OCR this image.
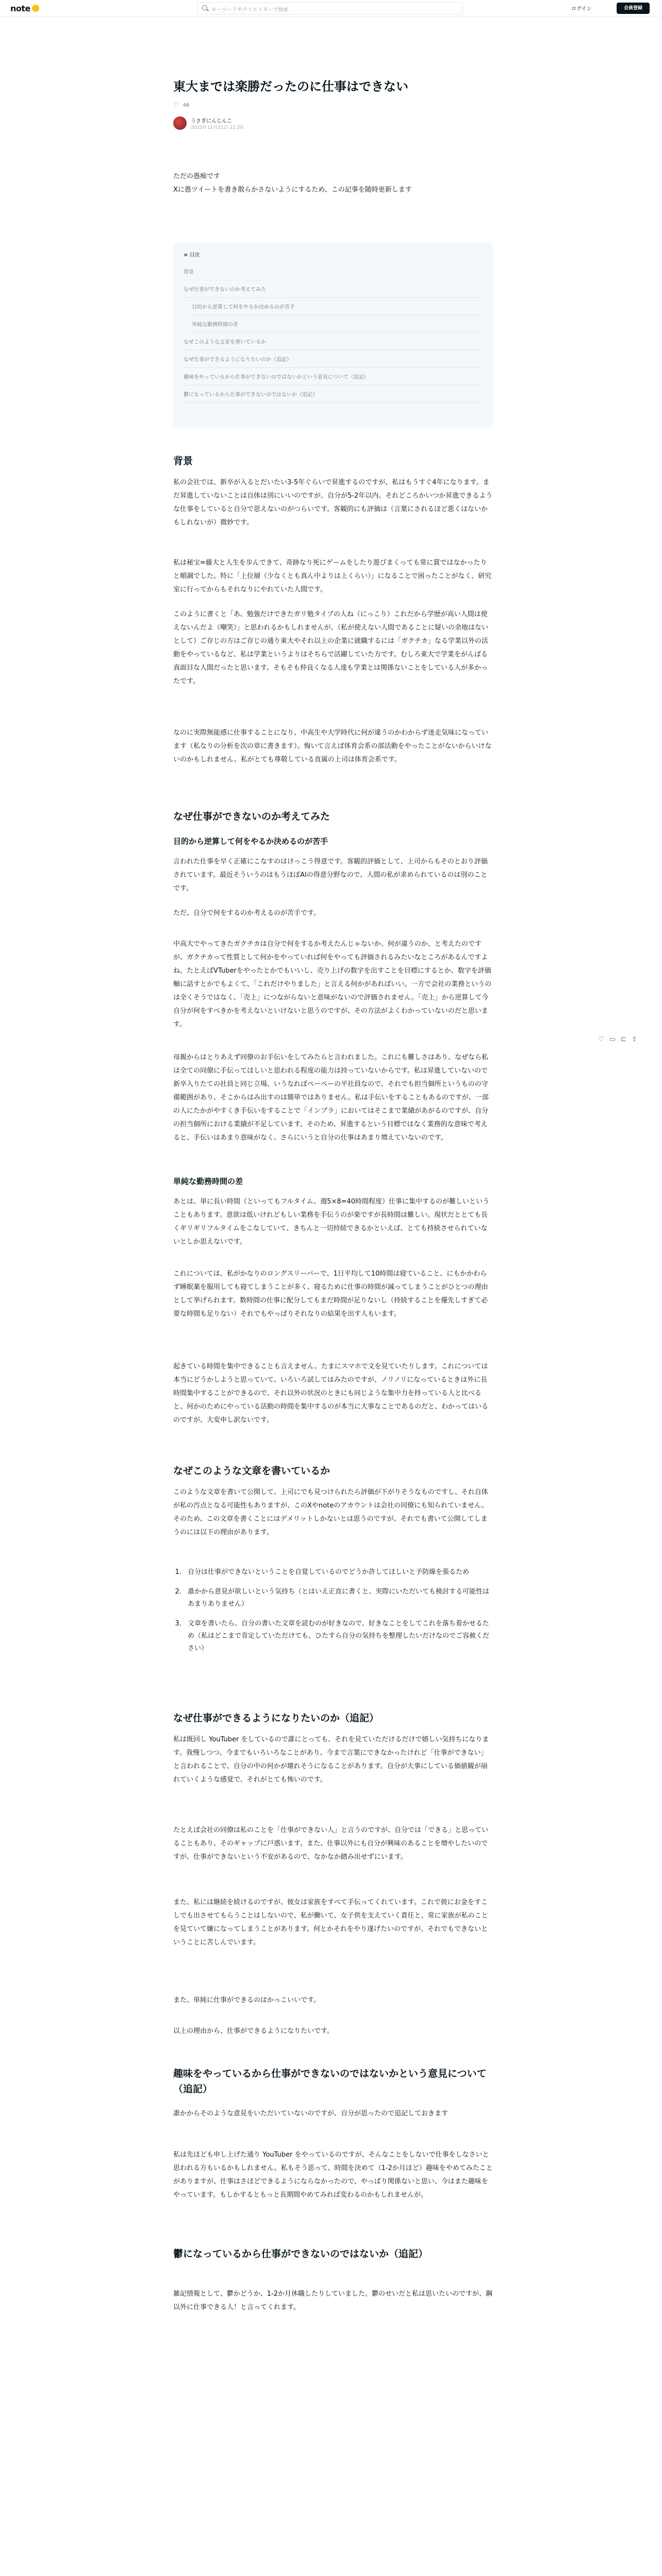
note	キーワードやクリエイターで検索	ログイン	会員登録
東大までは楽勝だったのに仕事はできない
♡ 46
うさぎにんじんこ
2023年11月21日 21:20
ただの愚痴です
Xに愚ツイートを書き散らかさないようにするため、この記事を随時更新します
≡ 目次
背景
なぜ仕事ができないのか考えてみた
目的から逆算して何をやるか決めるのが苦手
単純な勤務時間の差
なぜこのような文章を書いているか
なぜ仕事ができるようになりたいのか（追記）
趣味をやっているから仕事ができないのではないかという意見について（追記）
鬱になっているから仕事ができないのではないか（追記）
背景
私の会社では、新卒が入るとだいたい3-5年ぐらいで昇進するのですが、私はもうすぐ4年になります。まだ昇進していないことは自体は別にいいのですが、自分が5-2年以内、それどころかいつか昇進できるような仕事をしていると自分で思えないのがつらいです。客観的にも評価は（言葉にされるほど悪くはないかもしれないが）微妙です。
私は秘宝=藤大と人生を歩んできて、奇跡なり死にゲームをしたり遊びまくっても常に賞ではなかったりと順調でした。特に「上位層（少なくとも真ん中よりは上くらい）」になることで困ったことがなく、研究室に行ってからもそれなりにやれていた人間です。
このように書くと「あ、勉強だけできたガリ勉タイプの人ね（にっこり）これだから学歴が高い人間は使えないんだよ（嘲笑）」と思われるかもしれませんが、（私が使えない人間であることに疑いの余地はないとして）ご存じの方はご存じの通り東大やそれ以上の企業に就職するには「ガクチカ」なる学業以外の活動をやっているなど、私は学業というよりはそちらで活躍していた方です。むしろ東大で学業をがんばる真面目な人間だったと思います。そもそも仲良くなる人達も学業とは関係ないことをしている人が多かったです。
なのに実際無能感に仕事することになり、中高生や大学時代に何が違うのかわからず迷走気味になっています（私なりの分析を次の章に書きます）。悔いて言えば体育会系の部活動をやったことがないからいけないのかもしれません。私がとても尊敬している直属の上司は体育会系です。
なぜ仕事ができないのか考えてみた
目的から逆算して何をやるか決めるのが苦手
言われた仕事を早く正確にこなすのはけっこう得意です。客観的評価として、上司からもそのとおり評価されています。最近そういうのはもうほぼAIの得意分野なので、人間の私が求められているのは別のことです。
ただ、自分で何をするのか考えるのが苦手です。
中高大でやってきたガクチカは自分で何をするか考えたんじゃないか、何が違うのか、と考えたのですが、ガクチカって性質として何かをやっていれば何をやっても評価されるみたいなところがあるんですよね。たとえばVTuberをやったとかでもいいし、売り上げの数字を出すことを目標にするとか、数字を評価軸に話すとかでもよくて、「これだけやりました」と言える何かがあればいい。一方で会社の業務というのは全くそうではなく、「売上」につながらないと意味がないので評価されません。「売上」から逆算して今自分が何をすべきかを考えないといけないと思うのですが、その方法がよくわかっていないのだと思います。
母親からはとりあえず同僚のお手伝いをしてみたらと言われました。これにも難しさはあり、なぜなら私は全ての同僚に手伝ってほしいと思われる程度の能力は持っていないからです。私は昇進していないので新卒入りたての社員と同じ立場、いうなればペーペーの平社員なので、それでも担当個所というものの守備範囲があり、そこからはみ出すのは簡単ではありません。私は手伝いをすることもあるのですが、一部の人にたかがやすくき手伝いをすることで「インプラ」においてはそこまで業績があがるのですが、自分の担当個所における業績が不足しています。そのため、昇進するという目標ではなく業務的な意味で考えると、手伝いはあまり意味がなく、さらにいうと自分の仕事はあまり増えていないのです。
単純な勤務時間の差
あとは、単に長い時間（といってもフルタイム、週5×8=40時間程度）仕事に集中するのが難しいということもあります。意欲は低いけれどもしい業務を手伝うのが楽ですが長時間は難しい。現状だととても長くギリギリフルタイムをこなしていて、きちんと一切持続できるかといえば、とても持続させられていないとしか思えないです。
これについては、私がかなりのロングスリーパーで、1日平均して10時間は寝ていること、にもかかわらず睡眠薬を服用しても寝てしまうことが多く、寝るために仕事の時間が減ってしまうことがひとつの理由として挙げられます。数時間の仕事に配分してもまだ時間が足りないし（持続することを優先しすぎて必要な時間も足りない）それでもやっぱりそれなりの結果を出す人もいます。
起きている時間を集中できることも言えません。たまにスマホで文を見ていたりします。これについては本当にどうかしようと思っていて、いろいろ試してはみたのですが、ノリノリになっているときは外に長時間集中することができるので、それ以外の状況のときにも同じような集中力を持っている人と比べると、何かのためにやっている活動の時間を集中するのが本当に大事なことであるのだと、わかってはいるのですが、大変申し訳ないです。
なぜこのような文章を書いているか
このような文章を書いて公開して、上司にでも見つけられたら評価が下がりそうなものですし、それ自体が私の汚点となる可能性もありますが、このXやnoteのアカウントは会社の同僚にも知られていません。そのため、この文章を書くことにはデメリットしかないとは思うのですが、それでも書いて公開してしまうのには以下の理由があります。
1. 自分は仕事ができないということを自覚しているのでどうか許してほしいと予防線を張るため
2. 誰かから意見が欲しいという気持ち（とはいえ正直に書くと、実際にいただいても検討する可能性はあまりありません）
3. 文章を書いたら、自分の書いた文章を読むのが好きなので、好きなことをしてこれを落ち着かせるため（私はどこまで肯定していただけても、ひたすら自分の気持ちを整理したいだけなのでご容赦ください）
なぜ仕事ができるようになりたいのか（追記）
私は既回し YouTuber をしているので誰にとっても、それを見ていただけるだけで嬉しい気持ちになります。我慢しつつ、今までもいろいろなことがあり、今まで言葉にできなかったけれど「仕事ができない」と言われることで、自分の中の何かが壊れそうになることがあります。自分が大事にしている価値観が崩れていくような感覚で、それがとても怖いのです。
たとえば会社の同僚は私のことを「仕事ができない人」と言うのですが、自分では「できる」と思っていることもあり、そのギャップに戸惑います。また、仕事以外にも自分が興味のあることを増やしたいのですが、仕事ができないという不安があるので、なかなか踏み出せずにいます。
また、私には継続を続けるのですが、彼女は家族をすべて手伝ってくれています。これで彼にお金をすこしでも出させてもらうことはしないので、私が働いて、女子供を支えていく責任と、常に家族が私のことを見ていて嫌になってしまうことがあります。何とかそれをやり遂げたいのですが、それでもできないということに苦しんでいます。
また、単純に仕事ができるのはかっこいいです。
以上の理由から、仕事ができるようになりたいです。
趣味をやっているから仕事ができないのではないかという意見について（追記）
誰かからそのような意見をいただいていないのですが、自分が思ったので追記しておきます
私は先ほども申し上げた通り YouTuber をやっているのですが、そんなことをしないで仕事をしなさいと思われる方もいるかもしれません。私もそう思って、時間を決めて（1-2か月ほど）趣味をやめてみたことがありますが、仕事はさほどできるようにならなかったので、やっぱり関係ないと思い、今はまた趣味をやっています。もしかするともっと長期間やめてみれば変わるのかもしれませんが。
鬱になっているから仕事ができないのではないか（追記）
雑記情報として、鬱かどうか、1-2か月休職したりしていました。鬱のせいだと私は思いたいのですが、鋼以外に仕事できる人！と言ってくれます。
♡ ▭ ⊏ ⇪
